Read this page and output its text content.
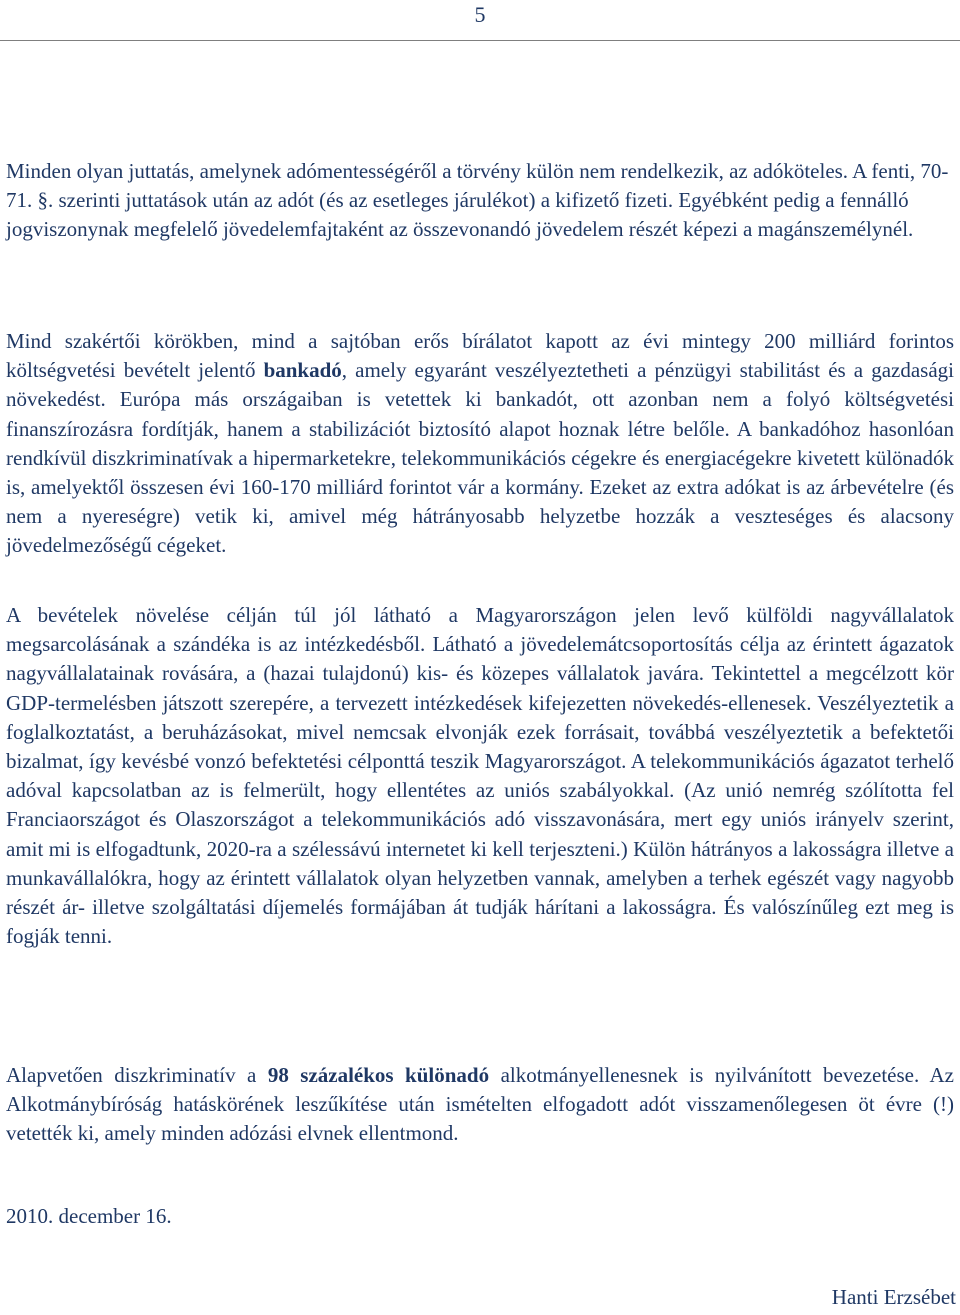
5

Minden olyan juttatás, amelynek adómentességéről a törvény külön nem rendelkezik, az adóköteles. A fenti, 70-71. §. szerinti juttatások után az adót (és az esetleges járulékot) a kifizető fizeti. Egyébként pedig a fennálló jogviszonynak megfelelő jövedelemfajtaként az összevonandó jövedelem részét képezi a magánszemélynél.

Mind szakértői körökben, mind a sajtóban erős bírálatot kapott az évi mintegy 200 milliárd forintos költségvetési bevételt jelentő bankadó, amely egyaránt veszélyeztetheti a pénzügyi stabilitást és a gazdasági növekedést. Európa más országaiban is vetettek ki bankadót, ott azonban nem a folyó költségvetési finanszírozásra fordítják, hanem a stabilizációt biztosító alapot hoznak létre belőle. A bankadóhoz hasonlóan rendkívül diszkriminatívak a hipermarketekre, telekommunikációs cégekre és energiacégekre kivetett különadók is, amelyektől összesen évi 160-170 milliárd forintot vár a kormány. Ezeket az extra adókat is az árbevételre (és nem a nyereségre) vetik ki, amivel még hátrányosabb helyzetbe hozzák a veszteséges és alacsony jövedelmezőségű cégeket.

A bevételek növelése célján túl jól látható a Magyarországon jelen levő külföldi nagyvállalatok megsarcolásának a szándéka is az intézkedésből. Látható a jövedelemátcsoportosítás célja az érintett ágazatok nagyvállalatainak rovására, a (hazai tulajdonú) kis- és közepes vállalatok javára. Tekintettel a megcélzott kör GDP-termelésben játszott szerepére, a tervezett intézkedések kifejezetten növekedés-ellenesek. Veszélyeztetik a foglalkoztatást, a beruházásokat, mivel nemcsak elvonják ezek forrásait, továbbá veszélyeztetik a befektetői bizalmat, így kevésbé vonzó befektetési célponttá teszik Magyarországot. A telekommunikációs ágazatot terhelő adóval kapcsolatban az is felmerült, hogy ellentétes az uniós szabályokkal. (Az unió nemrég szólította fel Franciaországot és Olaszországot a telekommunikációs adó visszavonására, mert egy uniós irányelv szerint, amit mi is elfogadtunk, 2020-ra a szélessávú internetet ki kell terjeszteni.) Külön hátrányos a lakosságra illetve a munkavállalókra, hogy az érintett vállalatok olyan helyzetben vannak, amelyben a terhek egészét vagy nagyobb részét ár- illetve szolgáltatási díjemelés formájában át tudják hárítani a lakosságra. És valószínűleg ezt meg is fogják tenni.

Alapvetően diszkriminatív a 98 százalékos különadó alkotmányellenesnek is nyilvánított bevezetése. Az Alkotmánybíróság hatáskörének leszűkítése után ismételten elfogadott adót visszamenőlegesen öt évre (!) vetették ki, amely minden adózási elvnek ellentmond.

2010. december 16.
Hanti Erzsébet
